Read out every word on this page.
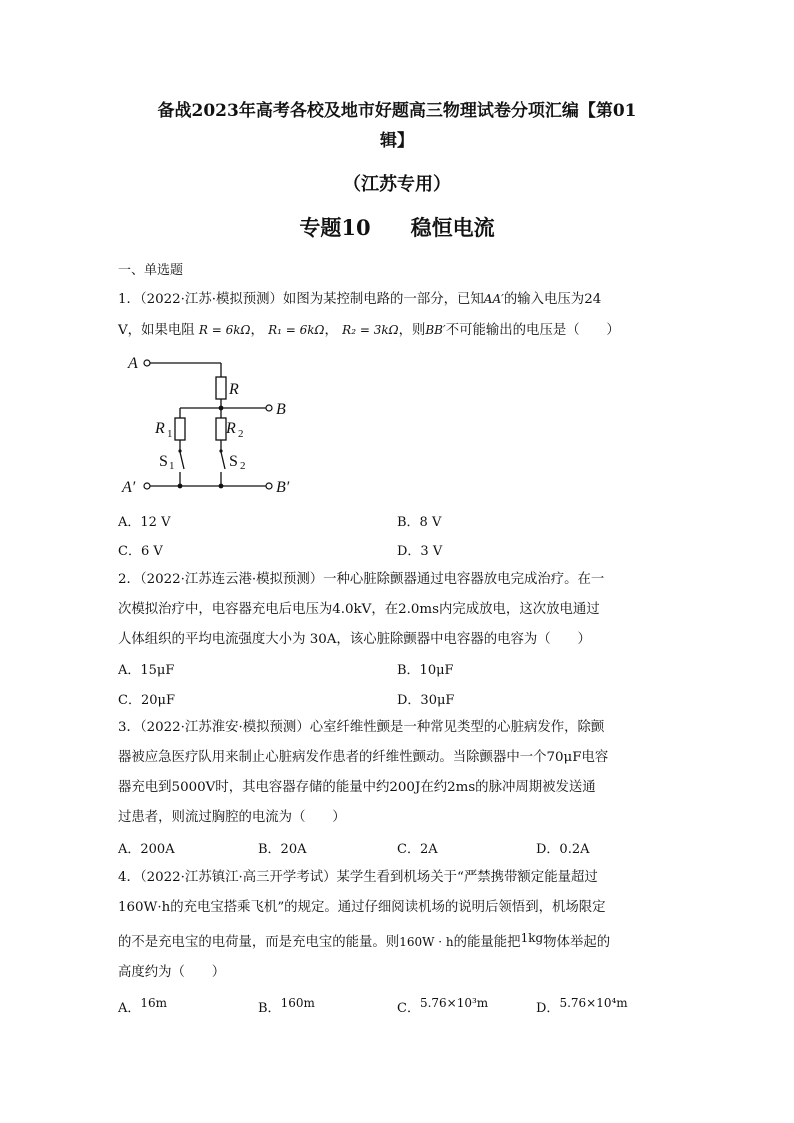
备战2023年高考各校及地市好题高三物理试卷分项汇编【第01
辑】
（江苏专用）
专题10 稳恒电流
一、单选题
1．（2022·江苏·模拟预测）如图为某控制电路的一部分，已知AA′的输入电压为24
V，如果电阻 R = 6kΩ， R₁ = 6kΩ， R₂ = 3kΩ，则BB′不可能输出的电压是（　　）
A
B
A′	B′
R
R	R
S	S
1	2
1	2
A．12 V	B．8 V
C．6 V	D．3 V
2．（2022·江苏连云港·模拟预测）一种心脏除颤器通过电容器放电完成治疗。在一
次模拟治疗中，电容器充电后电压为4.0kV，在2.0ms内完成放电，这次放电通过
人体组织的平均电流强度大小为 30A，该心脏除颤器中电容器的电容为（　　）
A．15μF	B．10μF
C．20μF	D．30μF
3．（2022·江苏淮安·模拟预测）心室纤维性颤是一种常见类型的心脏病发作，除颤
器被应急医疗队用来制止心脏病发作患者的纤维性颤动。当除颤器中一个70μF电容
器充电到5000V时，其电容器存储的能量中约200J在约2ms的脉冲周期被发送通
过患者，则流过胸腔的电流为（　　）
A．200A	B．20A	C．2A	D．0.2A
4．（2022·江苏镇江·高三开学考试）某学生看到机场关于“严禁携带额定能量超过
160W·h的充电宝搭乘飞机”的规定。通过仔细阅读机场的说明后领悟到，机场限定
的不是充电宝的电荷量，而是充电宝的能量。则160W · h的能量能把1kg物体举起的
高度约为（　　）
A．16m	B．160m	C．5.76×10³m	D．5.76×10⁴m
